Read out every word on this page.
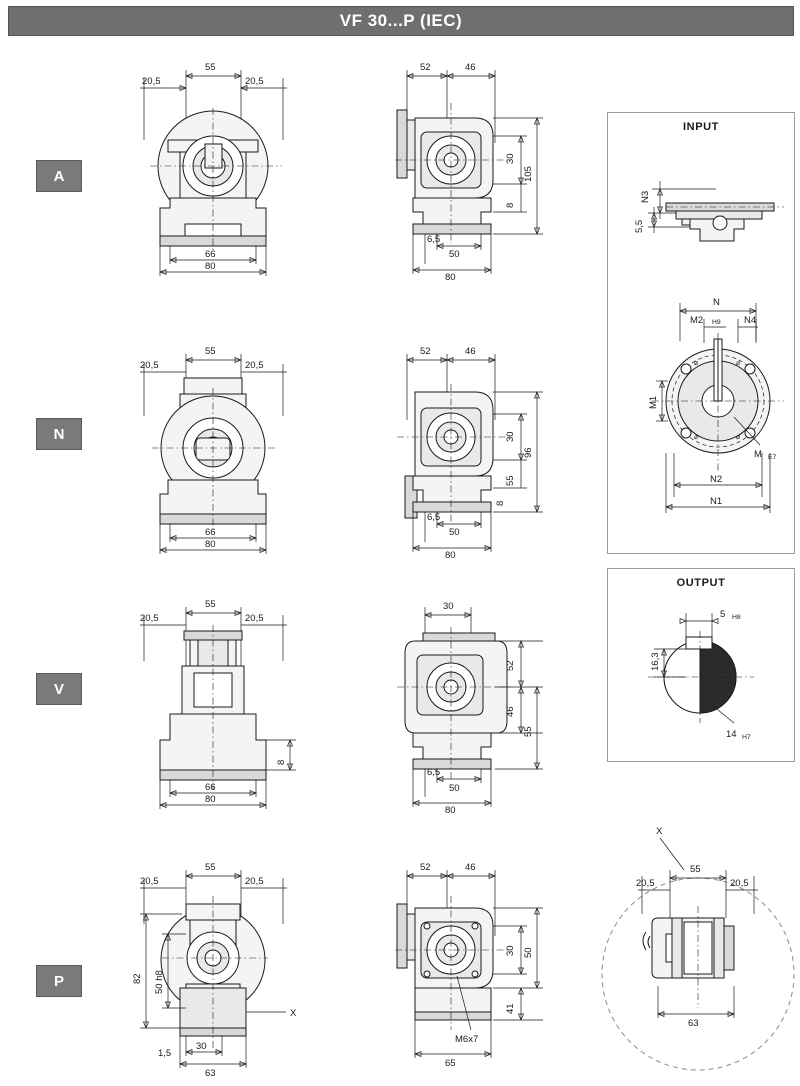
VF 30...P (IEC)
A
N
V
P
55
20,5	20,5
66
80
52	46
30
105
8
6,5
50
80
INPUT
N3
5,5
N
M2 H9 N4
⌀	⌀
⌀	⌀
M1
M E7
N2
N1
OUTPUT
5 H8
16,3
14 H7
55
20,5	20,5
66
80
52	46
30
96
55
8
6,5
50
80
55
20,5	20,5
8
66
80
30
52
46
55
6,5
50
80
55
20,5	20,5
82 50 h8
X
1,5
30
63
52	46
30 50
41
M6x7
65
X
55
20,5	20,5
63
